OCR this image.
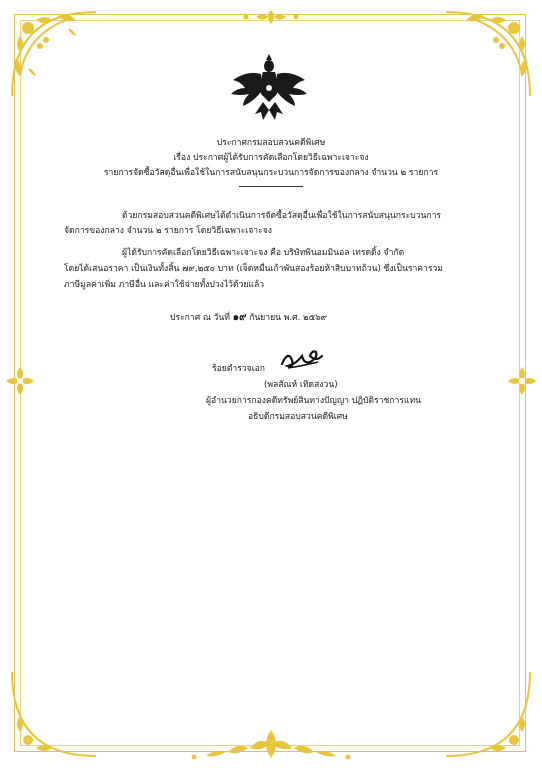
ประกาศกรมสอบสวนคดีพิเศษ
เรื่อง ประกาศผู้ได้รับการคัดเลือกโดยวิธีเฉพาะเจาะจง
รายการจัดซื้อวัสดุอื่นเพื่อใช้ในการสนับสนุนกระบวนการจัดการของกลาง จำนวน ๒ รายการ
ด้วยกรมสอบสวนคดีพิเศษได้ดำเนินการจัดซื้อวัสดุอื่นเพื่อใช้ในการสนับสนุนกระบวนการ
จัดการของกลาง จำนวน ๒ รายการ โดยวิธีเฉพาะเจาะจง
ผู้ได้รับการคัดเลือกโดยวิธีเฉพาะเจาะจง คือ บริษัทพินอมมินอล เทรดดิ้ง จำกัด
โดยได้เสนอราคา เป็นเงินทั้งสิ้น ๗๙,๒๕๐ บาท (เจ็ดหมื่นเก้าพันสองร้อยห้าสิบบาทถ้วน) ซึ่งเป็นราคารวม
ภาษีมูลค่าเพิ่ม ภาษีอื่น และค่าใช้จ่ายทั้งปวงไว้ด้วยแล้ว
ประกาศ ณ วันที่ ๑๙ กันยายน พ.ศ. ๒๕๖๙
ร้อยตำรวจเอก
(พลสัณห์ เทิดสงวน)
ผู้อำนวยการกองคดีทรัพย์สินทางปัญญา ปฏิบัติราชการแทน
อธิบดีกรมสอบสวนคดีพิเศษ
